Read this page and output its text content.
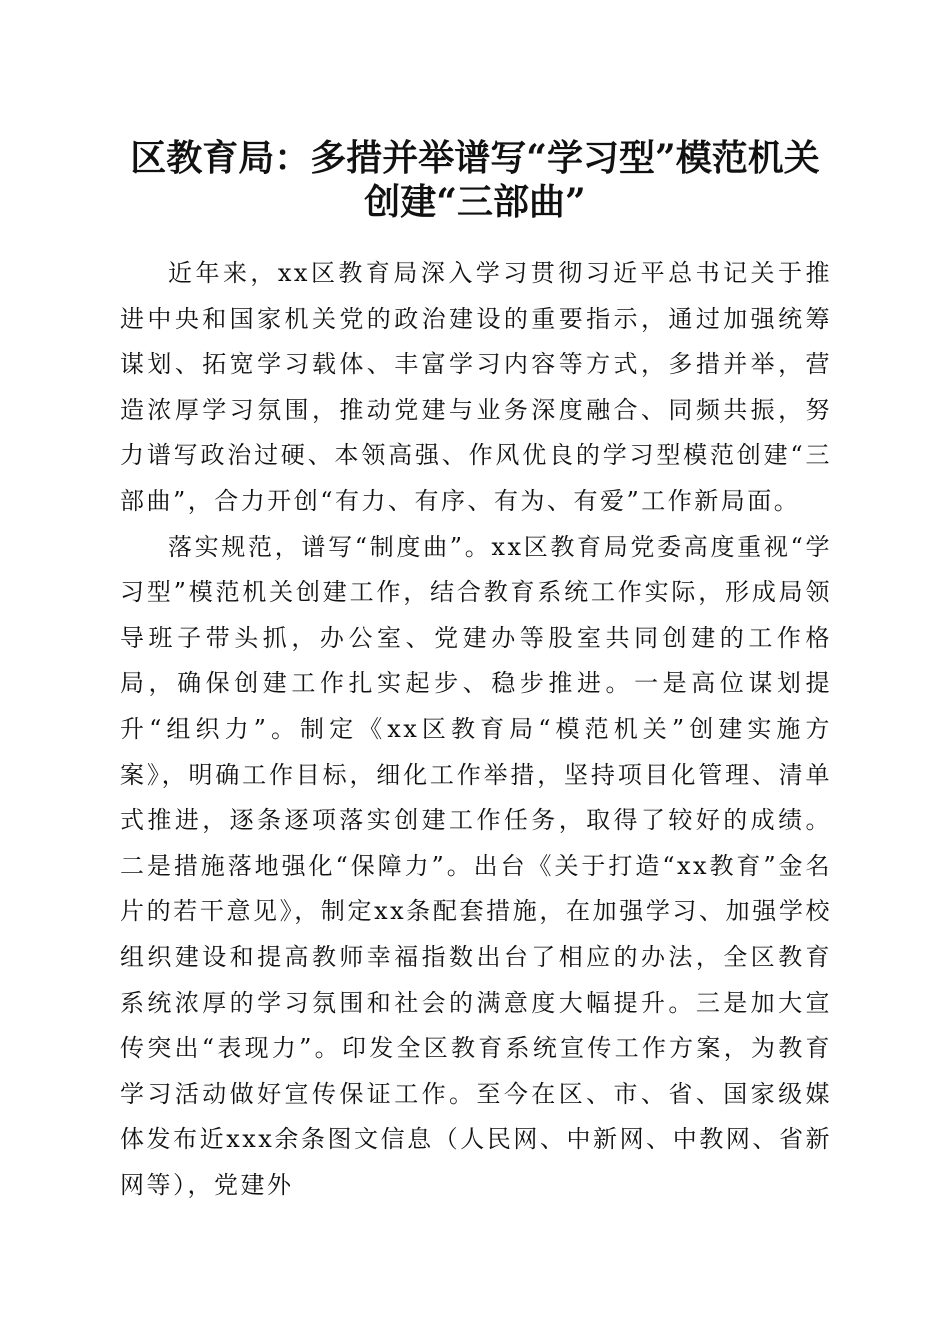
区教育局：多措并举谱写“学习型”模范机关
创建“三部曲”

近年来，xx区教育局深入学习贯彻习近平总书记关于推进中央和国家机关党的政治建设的重要指示，通过加强统筹谋划、拓宽学习载体、丰富学习内容等方式，多措并举，营造浓厚学习氛围，推动党建与业务深度融合、同频共振，努力谱写政治过硬、本领高强、作风优良的学习型模范创建“三部曲”，合力开创“有力、有序、有为、有爱”工作新局面。

落实规范，谱写“制度曲”。xx区教育局党委高度重视“学习型”模范机关创建工作，结合教育系统工作实际，形成局领导班子带头抓，办公室、党建办等股室共同创建的工作格局，确保创建工作扎实起步、稳步推进。一是高位谋划提升“组织力”。制定《xx区教育局“模范机关”创建实施方案》，明确工作目标，细化工作举措，坚持项目化管理、清单式推进，逐条逐项落实创建工作任务，取得了较好的成绩。二是措施落地强化“保障力”。出台《关于打造“xx教育”金名片的若干意见》，制定xx条配套措施，在加强学习、加强学校组织建设和提高教师幸福指数出台了相应的办法，全区教育系统浓厚的学习氛围和社会的满意度大幅提升。三是加大宣传突出“表现力”。印发全区教育系统宣传工作方案，为教育学习活动做好宣传保证工作。至今在区、市、省、国家级媒体发布近xxx余条图文信息（人民网、中新网、中教网、省新网等），党建外
